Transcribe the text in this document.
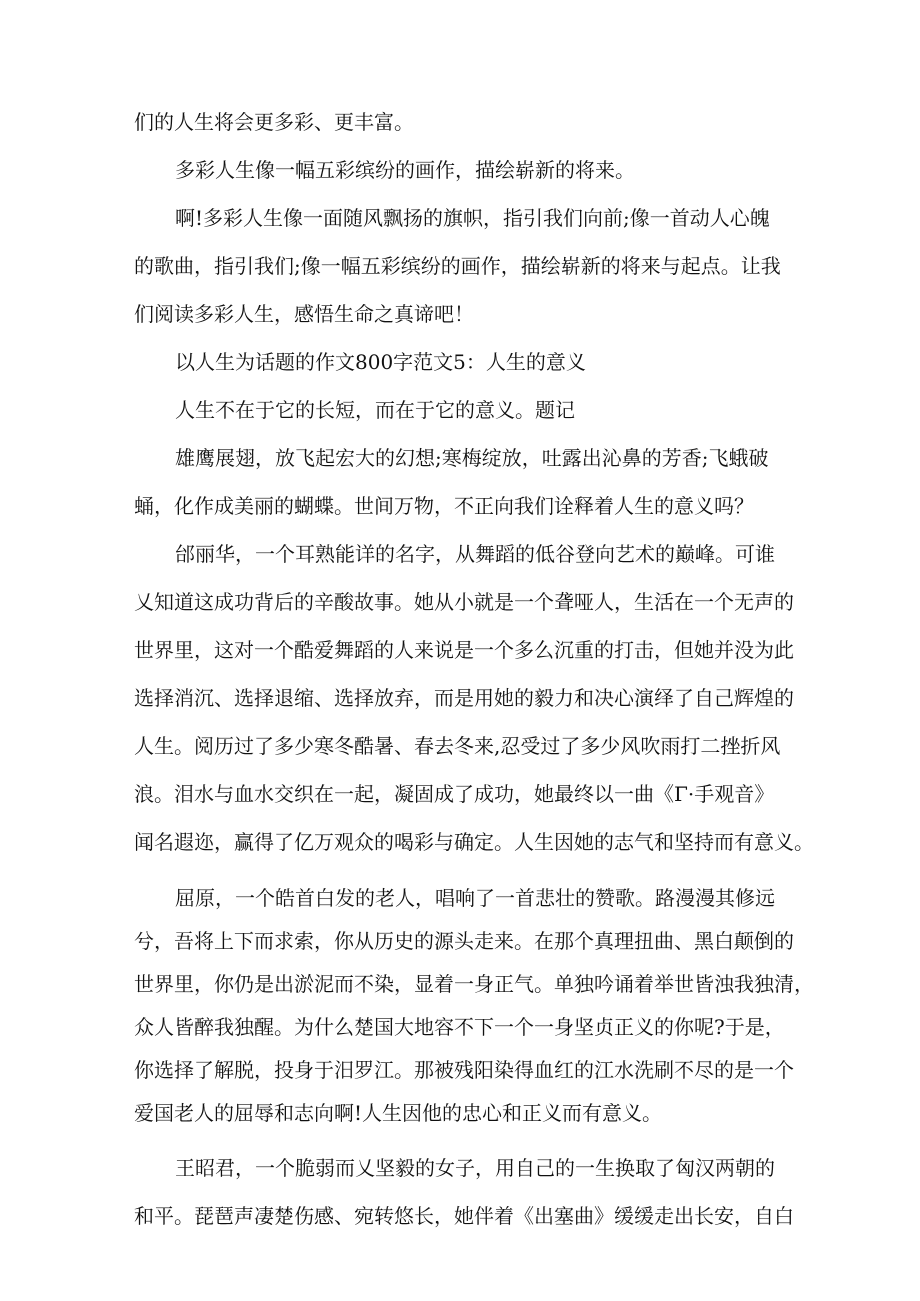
们的人生将会更多彩、更丰富。
多彩人生像一幅五彩缤纷的画作，描绘崭新的将来。
啊!多彩人生像一面随风飘扬的旗帜，指引我们向前;像一首动人心魄
的歌曲，指引我们;像一幅五彩缤纷的画作，描绘崭新的将来与起点。让我
们阅读多彩人生，感悟生命之真谛吧！
以人生为话题的作文800字范文5：人生的意义
人生不在于它的长短，而在于它的意义。题记
雄鹰展翅，放飞起宏大的幻想;寒梅绽放，吐露出沁鼻的芳香;飞蛾破
蛹，化作成美丽的蝴蝶。世间万物，不正向我们诠释着人生的意义吗？
邰丽华，一个耳熟能详的名字，从舞蹈的低谷登向艺术的巅峰。可谁
乂知道这成功背后的辛酸故事。她从小就是一个聋哑人，生活在一个无声的
世界里，这对一个酷爱舞蹈的人来说是一个多么沉重的打击，但她并没为此
选择消沉、选择退缩、选择放弃，而是用她的毅力和决心演绎了自己辉煌的
人生。阅历过了多少寒冬酷暑、春去冬来,忍受过了多少风吹雨打二挫折风
浪。泪水与血水交织在一起，凝固成了成功，她最终以一曲《Γ·手观音》
闻名遐迩，赢得了亿万观众的喝彩与确定。人生因她的志气和坚持而有意义。
屈原，一个皓首白发的老人，唱响了一首悲壮的赞歌。路漫漫其修远
兮，吾将上下而求索，你从历史的源头走来。在那个真理扭曲、黑白颠倒的
世界里，你仍是出淤泥而不染，显着一身正气。单独吟诵着举世皆浊我独清，
众人皆醉我独醒。为什么楚国大地容不下一个一身坚贞正义的你呢?于是，
你选择了解脱，投身于汨罗江。那被残阳染得血红的江水洗刷不尽的是一个
爱国老人的屈辱和志向啊!人生因他的忠心和正义而有意义。
王昭君，一个脆弱而乂坚毅的女子，用自己的一生换取了匈汉两朝的
和平。琵琶声凄楚伤感、宛转悠长，她伴着《出塞曲》缓缓走出长安，自白
